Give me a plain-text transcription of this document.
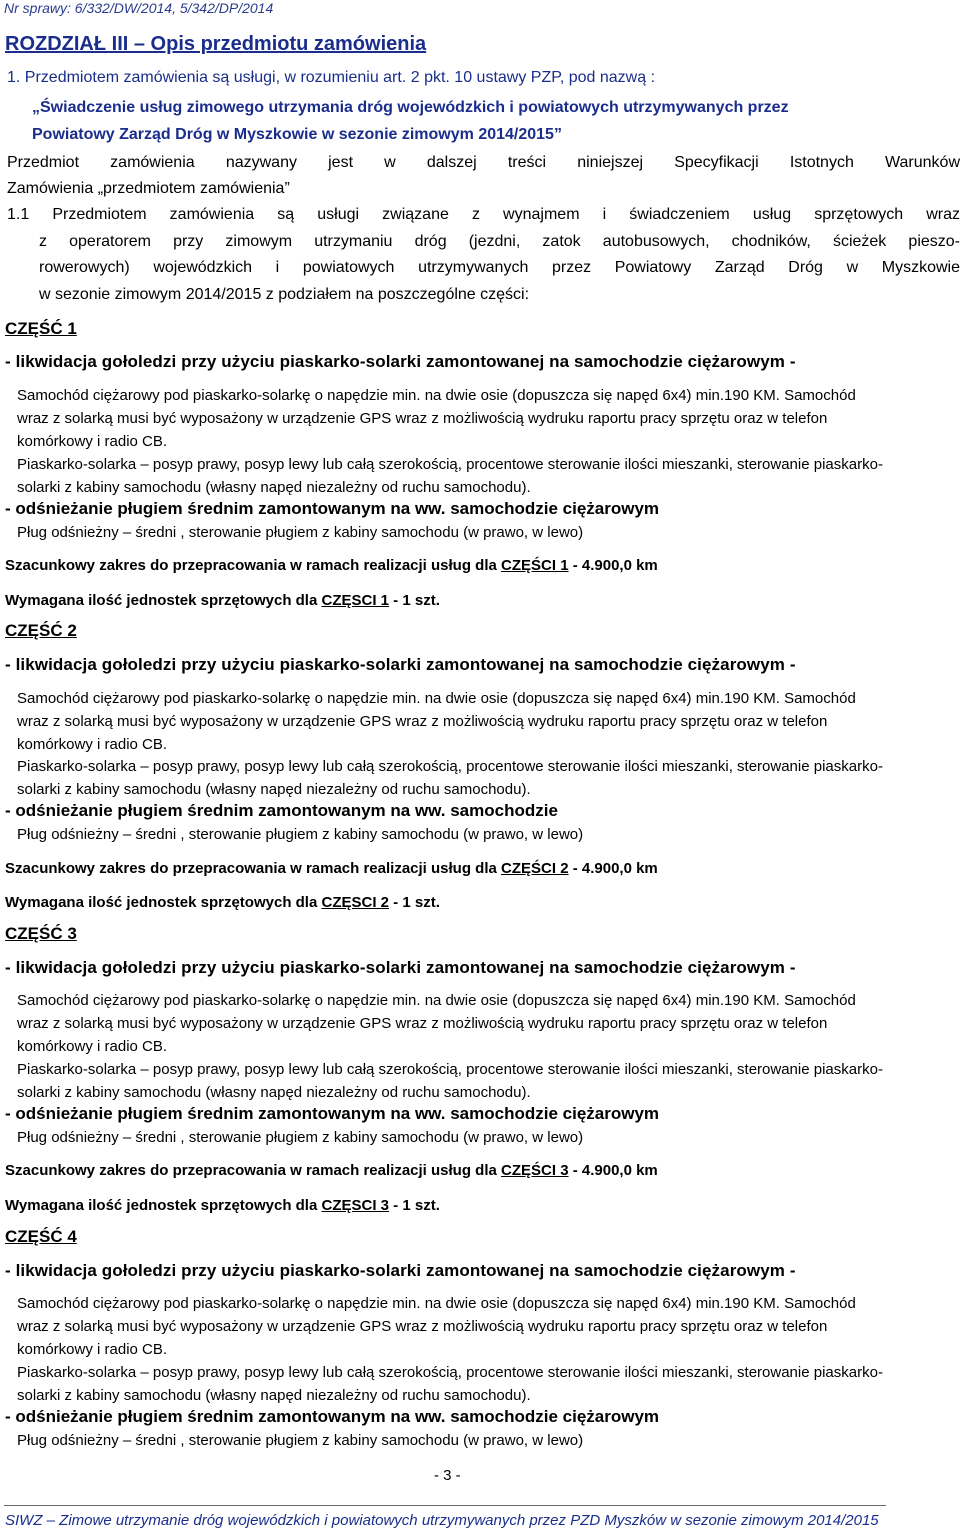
Nr sprawy: 6/332/DW/2014, 5/342/DP/2014
ROZDZIAŁ III – Opis przedmiotu zamówienia
1. Przedmiotem zamówienia są usługi, w rozumieniu art. 2 pkt. 10 ustawy PZP, pod nazwą :
„Świadczenie usług zimowego utrzymania dróg wojewódzkich i powiatowych utrzymywanych przez
Powiatowy Zarząd Dróg w Myszkowie w sezonie zimowym 2014/2015”
Przedmiot zamówienia nazywany jest w dalszej treści niniejszej Specyfikacji Istotnych Warunków
Zamówienia „przedmiotem zamówienia”
1.1 Przedmiotem zamówienia są usługi związane z wynajmem i świadczeniem usług sprzętowych wraz
z operatorem przy zimowym utrzymaniu dróg (jezdni, zatok autobusowych, chodników, ścieżek pieszo-
rowerowych) wojewódzkich i powiatowych utrzymywanych przez Powiatowy Zarząd Dróg w Myszkowie
w sezonie zimowym 2014/2015 z podziałem na poszczególne części:
CZĘŚĆ 1
- likwidacja gołoledzi przy użyciu piaskarko-solarki zamontowanej na samochodzie ciężarowym -
Samochód ciężarowy pod piaskarko-solarkę o napędzie min. na dwie osie (dopuszcza się napęd 6x4) min.190 KM. Samochód
wraz z solarką musi być wyposażony w urządzenie GPS wraz z możliwością wydruku raportu pracy sprzętu oraz w telefon
komórkowy i radio CB.
Piaskarko-solarka – posyp prawy, posyp lewy lub całą szerokością, procentowe sterowanie ilości mieszanki, sterowanie piaskarko-
solarki z kabiny samochodu (własny napęd niezależny od ruchu samochodu).
- odśnieżanie pługiem średnim zamontowanym na ww. samochodzie ciężarowym
Pług odśnieżny – średni , sterowanie pługiem z kabiny samochodu (w prawo, w lewo)
Szacunkowy zakres do przepracowania w ramach realizacji usług dla CZĘŚCI 1 - 4.900,0 km
Wymagana ilość jednostek sprzętowych dla CZĘSCI 1 - 1 szt.
CZĘŚĆ 2
- likwidacja gołoledzi przy użyciu piaskarko-solarki zamontowanej na samochodzie ciężarowym -
Samochód ciężarowy pod piaskarko-solarkę o napędzie min. na dwie osie (dopuszcza się napęd 6x4) min.190 KM. Samochód
wraz z solarką musi być wyposażony w urządzenie GPS wraz z możliwością wydruku raportu pracy sprzętu oraz w telefon
komórkowy i radio CB.
Piaskarko-solarka – posyp prawy, posyp lewy lub całą szerokością, procentowe sterowanie ilości mieszanki, sterowanie piaskarko-
solarki z kabiny samochodu (własny napęd niezależny od ruchu samochodu).
- odśnieżanie pługiem średnim zamontowanym na ww. samochodzie
Pług odśnieżny – średni , sterowanie pługiem z kabiny samochodu (w prawo, w lewo)
Szacunkowy zakres do przepracowania w ramach realizacji usług dla CZĘŚCI 2 - 4.900,0 km
Wymagana ilość jednostek sprzętowych dla CZĘSCI 2 - 1 szt.
CZĘŚĆ 3
- likwidacja gołoledzi przy użyciu piaskarko-solarki zamontowanej na samochodzie ciężarowym -
Samochód ciężarowy pod piaskarko-solarkę o napędzie min. na dwie osie (dopuszcza się napęd 6x4) min.190 KM. Samochód
wraz z solarką musi być wyposażony w urządzenie GPS wraz z możliwością wydruku raportu pracy sprzętu oraz w telefon
komórkowy i radio CB.
Piaskarko-solarka – posyp prawy, posyp lewy lub całą szerokością, procentowe sterowanie ilości mieszanki, sterowanie piaskarko-
solarki z kabiny samochodu (własny napęd niezależny od ruchu samochodu).
- odśnieżanie pługiem średnim zamontowanym na ww. samochodzie ciężarowym
Pług odśnieżny – średni , sterowanie pługiem z kabiny samochodu (w prawo, w lewo)
Szacunkowy zakres do przepracowania w ramach realizacji usług dla CZĘŚCI 3 - 4.900,0 km
Wymagana ilość jednostek sprzętowych dla CZĘSCI 3 - 1 szt.
CZĘŚĆ 4
- likwidacja gołoledzi przy użyciu piaskarko-solarki zamontowanej na samochodzie ciężarowym -
Samochód ciężarowy pod piaskarko-solarkę o napędzie min. na dwie osie (dopuszcza się napęd 6x4) min.190 KM. Samochód
wraz z solarką musi być wyposażony w urządzenie GPS wraz z możliwością wydruku raportu pracy sprzętu oraz w telefon
komórkowy i radio CB.
Piaskarko-solarka – posyp prawy, posyp lewy lub całą szerokością, procentowe sterowanie ilości mieszanki, sterowanie piaskarko-
solarki z kabiny samochodu (własny napęd niezależny od ruchu samochodu).
- odśnieżanie pługiem średnim zamontowanym na ww. samochodzie ciężarowym
Pług odśnieżny – średni , sterowanie pługiem z kabiny samochodu (w prawo, w lewo)
- 3 -
SIWZ – Zimowe utrzymanie dróg wojewódzkich i powiatowych utrzymywanych przez PZD Myszków w sezonie zimowym 2014/2015
